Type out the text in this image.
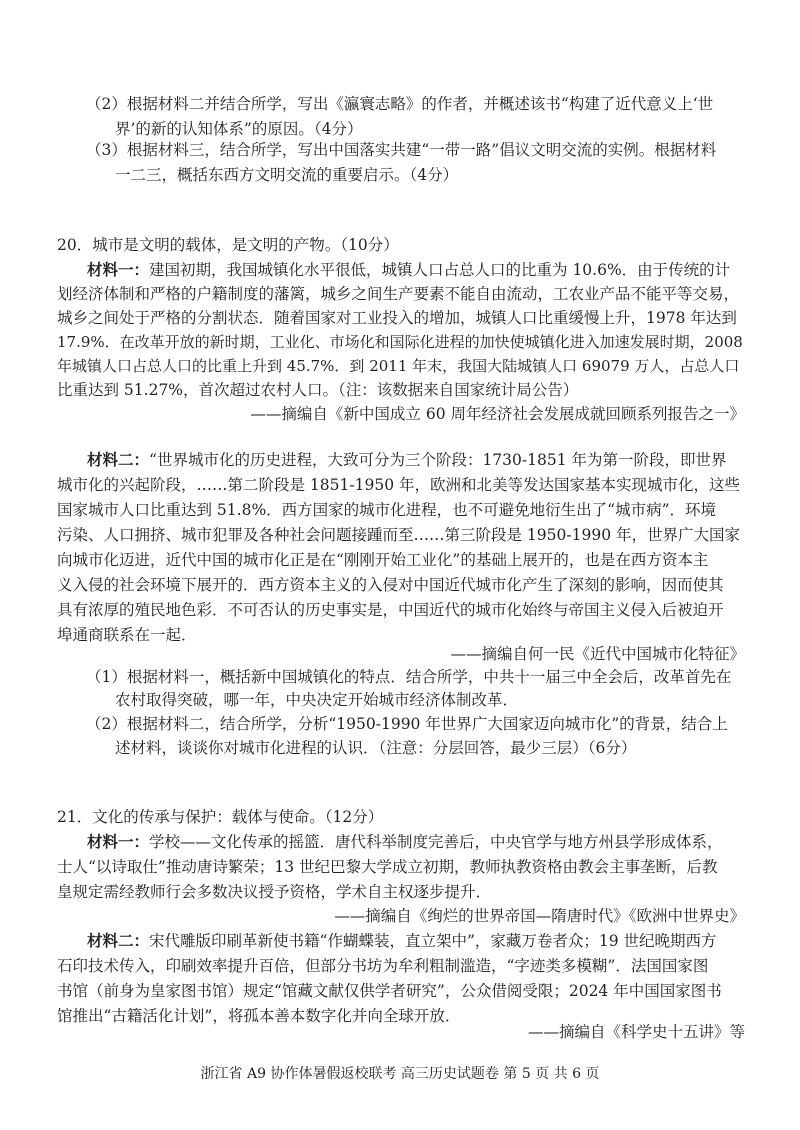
（2）根据材料二并结合所学，写出《瀛寰志略》的作者，并概述该书“构建了近代意义上‘世
界’的新的认知体系”的原因。（4分）
（3）根据材料三，结合所学，写出中国落实共建“一带一路”倡议文明交流的实例。根据材料
一二三，概括东西方文明交流的重要启示。（4分）
20．城市是文明的载体，是文明的产物。（10分）
材料一：建国初期，我国城镇化水平很低，城镇人口占总人口的比重为 10.6%．由于传统的计
划经济体制和严格的户籍制度的藩篱，城乡之间生产要素不能自由流动，工农业产品不能平等交易，
城乡之间处于严格的分割状态．随着国家对工业投入的增加，城镇人口比重缓慢上升，1978 年达到
17.9%．在改革开放的新时期，工业化、市场化和国际化进程的加快使城镇化进入加速发展时期，2008
年城镇人口占总人口的比重上升到 45.7%．到 2011 年末，我国大陆城镇人口 69079 万人，占总人口
比重达到 51.27%，首次超过农村人口。（注：该数据来自国家统计局公告）
——摘编自《新中国成立 60 周年经济社会发展成就回顾系列报告之一》
材料二：“世界城市化的历史进程，大致可分为三个阶段：1730-1851 年为第一阶段，即世界
城市化的兴起阶段，……第二阶段是 1851-1950 年，欧洲和北美等发达国家基本实现城市化，这些
国家城市人口比重达到 51.8%．西方国家的城市化进程，也不可避免地衍生出了“城市病”．环境
污染、人口拥挤、城市犯罪及各种社会问题接踵而至……第三阶段是 1950-1990 年，世界广大国家
向城市化迈进，近代中国的城市化正是在“刚刚开始工业化”的基础上展开的，也是在西方资本主
义入侵的社会环境下展开的．西方资本主义的入侵对中国近代城市化产生了深刻的影响，因而使其
具有浓厚的殖民地色彩．不可否认的历史事实是，中国近代的城市化始终与帝国主义侵入后被迫开
埠通商联系在一起．
——摘编自何一民《近代中国城市化特征》
（1）根据材料一，概括新中国城镇化的特点．结合所学，中共十一届三中全会后，改革首先在
农村取得突破，哪一年，中央决定开始城市经济体制改革．
（2）根据材料二，结合所学，分析“1950-1990 年世界广大国家迈向城市化”的背景，结合上
述材料，谈谈你对城市化进程的认识．（注意：分层回答，最少三层）（6分）
21．文化的传承与保护：载体与使命。（12分）
材料一：学校——文化传承的摇篮．唐代科举制度完善后，中央官学与地方州县学形成体系，
士人“以诗取仕”推动唐诗繁荣；13 世纪巴黎大学成立初期，教师执教资格由教会主事垄断，后教
皇规定需经教师行会多数决议授予资格，学术自主权逐步提升．
——摘编自《绚烂的世界帝国—隋唐时代》《欧洲中世界史》
材料二：宋代雕版印刷革新使书籍“作蝴蝶装，直立架中”，家藏万卷者众；19 世纪晚期西方
石印技术传入，印刷效率提升百倍，但部分书坊为牟利粗制滥造，“字迹类多模糊”．法国国家图
书馆（前身为皇家图书馆）规定“馆藏文献仅供学者研究”，公众借阅受限；2024 年中国国家图书
馆推出“古籍活化计划”，将孤本善本数字化并向全球开放．
——摘编自《科学史十五讲》等
浙江省 A9 协作体暑假返校联考 高三历史试题卷 第 5 页 共 6 页
